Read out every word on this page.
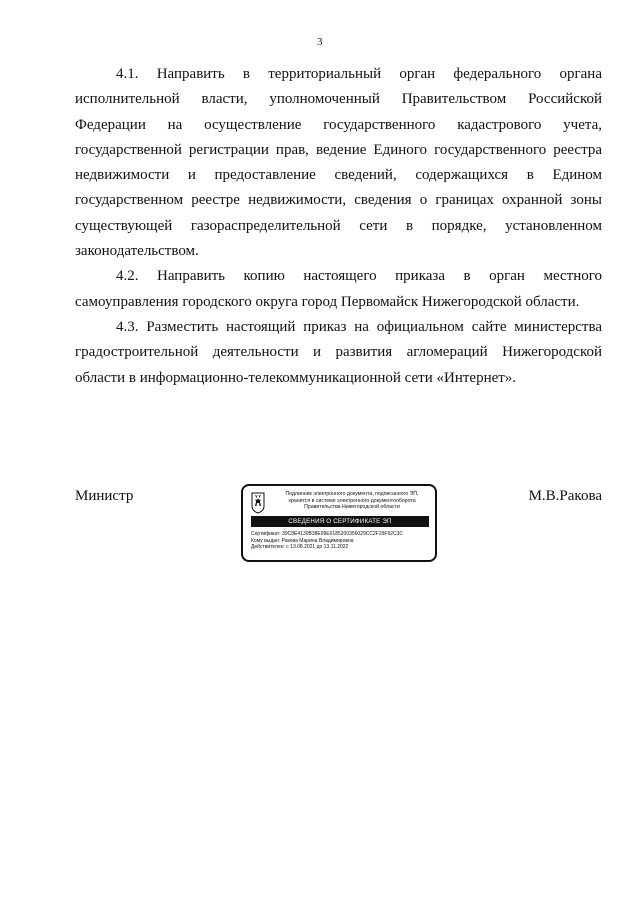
3

4.1. Направить в территориальный орган федерального органа исполнительной власти, уполномоченный Правительством Российской Федерации на осуществление государственного кадастрового учета, государственной регистрации прав, ведение Единого государственного реестра недвижимости и предоставление сведений, содержащихся в Едином государственном реестре недвижимости, сведения о границах охранной зоны существующей газораспределительной сети в порядке, установленном законодательством.

4.2. Направить копию настоящего приказа в орган местного самоуправления городского округа город Первомайск Нижегородской области.

4.3. Разместить настоящий приказ на официальном сайте министерства градостроительной деятельности и развития агломераций Нижегородской области в информационно-телекоммуникационной сети «Интернет».

Министр	Подлинник электронного документа, подписанного ЭП,
хранится в системе электронного документооборота
Правительства Нижегородской области
СВЕДЕНИЯ О СЕРТИФИКАТЕ ЭП
Сертификат: 39C8E4130B38E99E6185200356029CC2F29F92C3C
Кому выдан: Ракова Марина Владимировна
Действителен: с 13.08.2021 до 13.11.2022
М.В.Ракова
